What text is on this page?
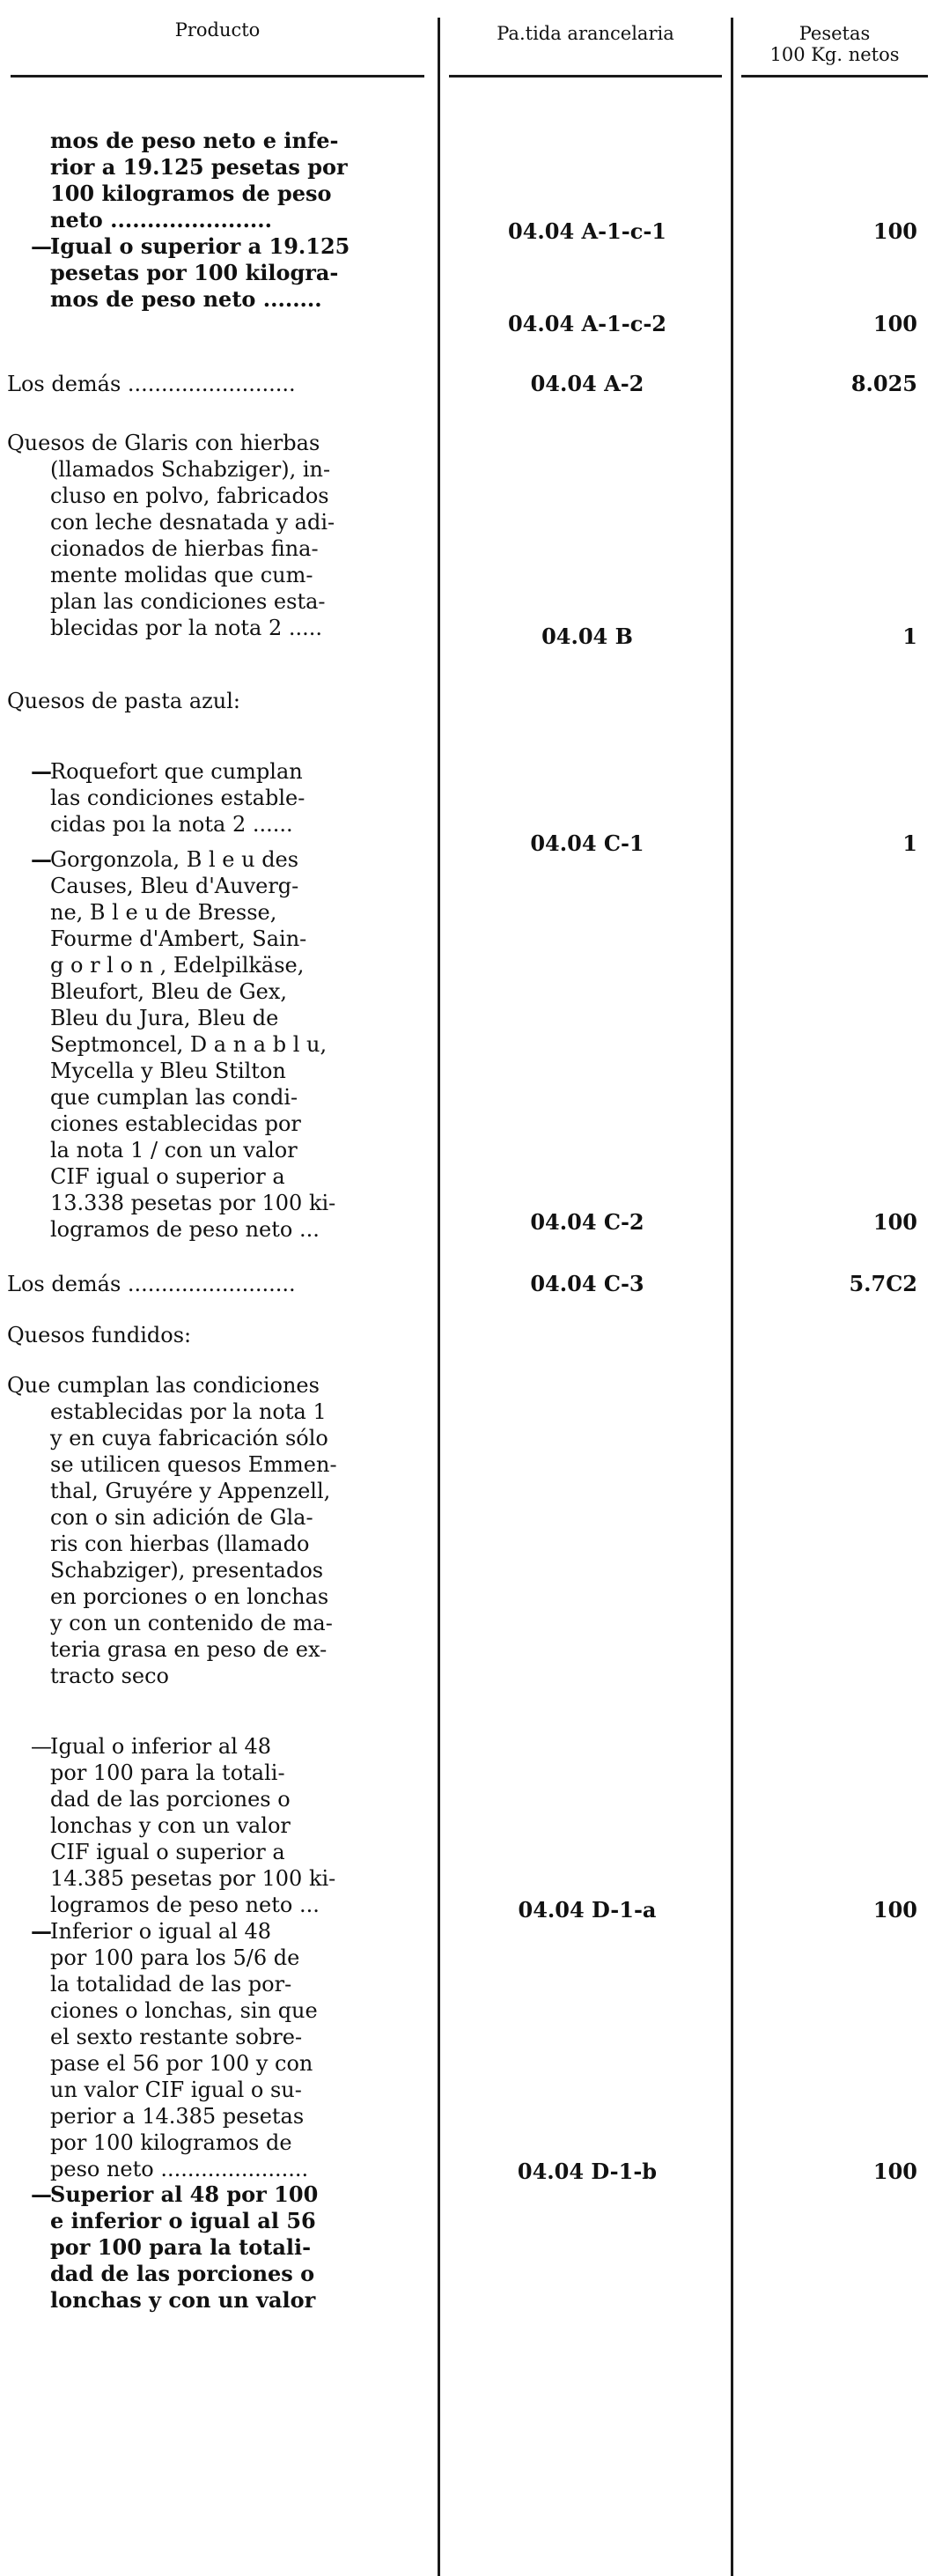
Producto	Pa.tida arancelaria	Pesetas
100 Kg. netos
mos de peso neto e infe-
rior a 19.125 pesetas por
100 kilogramos de peso
neto ......................	04.04 A-1-c-1	100
—
Igual o superior a 19.125
pesetas por 100 kilogra-
mos de peso neto ........
04.04 A-1-c-2	100
Los demás .........................	04.04 A-2	8.025
Quesos de Glaris con hierbas
(llamados Schabziger), in-
cluso en polvo, fabricados
con leche desnatada y adi-
cionados de hierbas fina-
mente molidas que cum-
plan las condiciones esta-
blecidas por la nota 2 .....	04.04 B	1
Quesos de pasta azul:
—
Roquefort que cumplan
las condiciones estable-
cidas poı la nota 2 ......
04.04 C-1	1
—
Gorgonzola, B l e u des
Causes, Bleu d'Auverg-
ne, B l e u de Bresse,
Fourme d'Ambert, Sain-
g o r l o n , Edelpilkäse,
Bleufort, Bleu de Gex,
Bleu du Jura, Bleu de
Septmoncel, D a n a b l u,
Mycella y Bleu Stilton
que cumplan las condi-
ciones establecidas por
la nota 1 / con un valor
CIF igual o superior a
13.338 pesetas por 100 ki-
logramos de peso neto ...	04.04 C-2	100
Los demás .........................	04.04 C-3	5.7C2
Quesos fundidos:
Que cumplan las condiciones
establecidas por la nota 1
y en cuya fabricación sólo
se utilicen quesos Emmen-
thal, Gruyére y Appenzell,
con o sin adición de Gla-
ris con hierbas (llamado
Schabziger), presentados
en porciones o en lonchas
y con un contenido de ma-
teria grasa en peso de ex-
tracto seco
—
Igual o inferior al 48
por 100 para la totali-
dad de las porciones o
lonchas y con un valor
CIF igual o superior a
14.385 pesetas por 100 ki-
logramos de peso neto ...	04.04 D-1-a	100
—
Inferior o igual al 48
por 100 para los 5/6 de
la totalidad de las por-
ciones o lonchas, sin que
el sexto restante sobre-
pase el 56 por 100 y con
un valor CIF igual o su-
perior a 14.385 pesetas
por 100 kilogramos de
peso neto ......................	04.04 D-1-b	100
—
Superior al 48 por 100
e inferior o igual al 56
por 100 para la totali-
dad de las porciones o
lonchas y con un valor
